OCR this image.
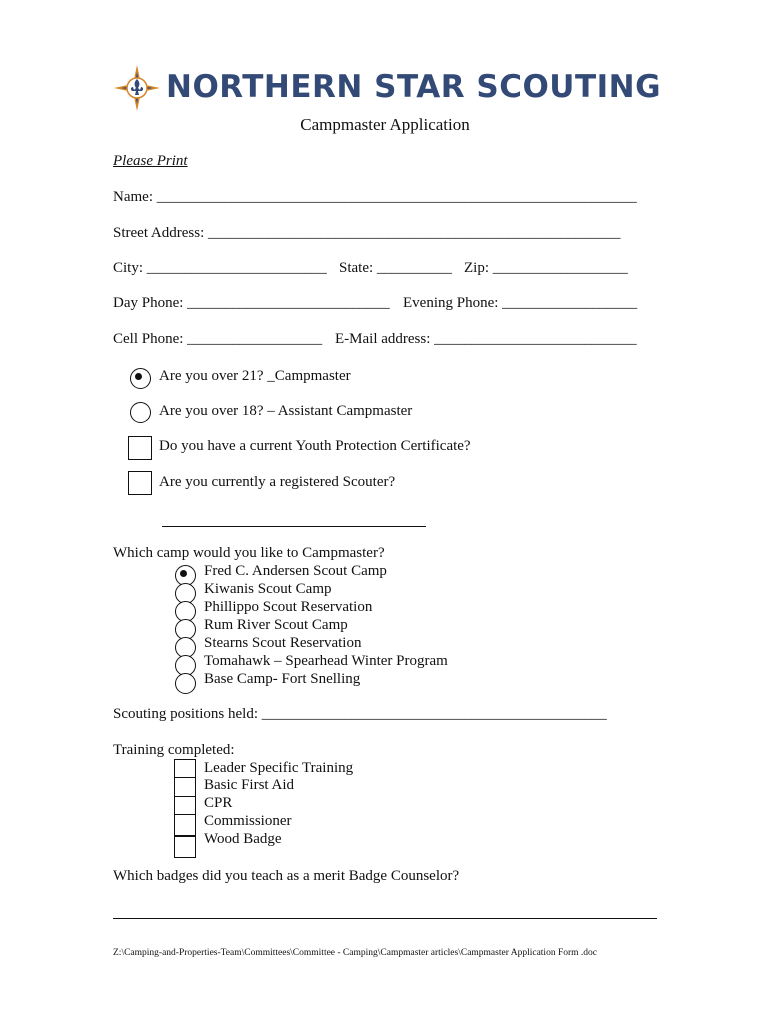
NORTHERN STAR SCOUTING
Campmaster Application
Please Print
Name: ________________________________________________________________
Street Address: _______________________________________________________
City: ________________________ State: __________ Zip: __________________
Day Phone: ___________________________ Evening Phone: __________________
Cell Phone: __________________ E-Mail address: ___________________________
Are you over 21? _Campmaster
Are you over 18? – Assistant Campmaster
Do you have a current Youth Protection Certificate?
Are you currently a registered Scouter?
Which camp would you like to Campmaster?
Fred C. Andersen Scout Camp
Kiwanis Scout Camp
Phillippo Scout Reservation
Rum River Scout Camp
Stearns Scout Reservation
Tomahawk – Spearhead Winter Program
Base Camp- Fort Snelling
Scouting positions held: ______________________________________________
Training completed:
Leader Specific Training
Basic First Aid
CPR
Commissioner
Wood Badge
Which badges did you teach as a merit Badge Counselor?
Z:\Camping-and-Properties-Team\Committees\Committee - Camping\Campmaster articles\Campmaster Application Form .doc
